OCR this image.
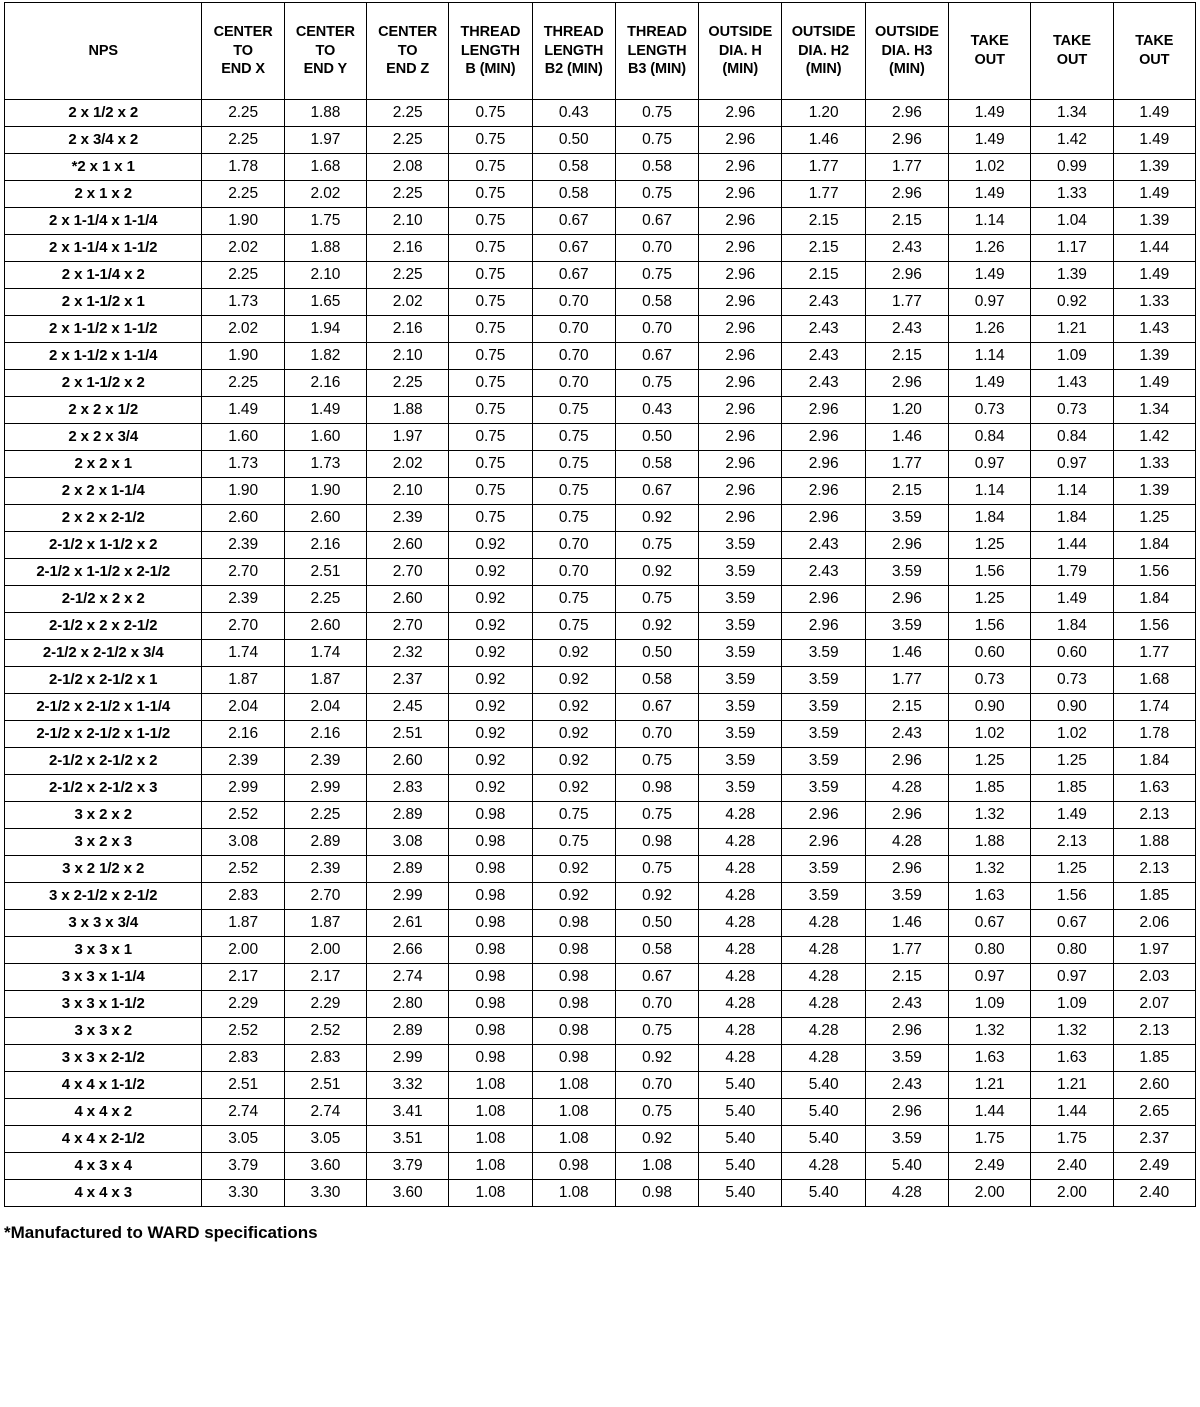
NPS	CENTER
TO
END X	CENTER
TO
END Y	CENTER
TO
END Z	THREAD
LENGTH
B (MIN)	THREAD
LENGTH
B2 (MIN)	THREAD
LENGTH
B3 (MIN)	OUTSIDE
DIA. H
(MIN)	OUTSIDE
DIA. H2
(MIN)	OUTSIDE
DIA. H3
(MIN)	TAKE
OUT	TAKE
OUT	TAKE
OUT

2 x 1/2 x 2	2.25	1.88	2.25	0.75	0.43	0.75	2.96	1.20	2.96	1.49	1.34	1.49
2 x 3/4 x 2	2.25	1.97	2.25	0.75	0.50	0.75	2.96	1.46	2.96	1.49	1.42	1.49
*2 x 1 x 1	1.78	1.68	2.08	0.75	0.58	0.58	2.96	1.77	1.77	1.02	0.99	1.39
2 x 1 x 2	2.25	2.02	2.25	0.75	0.58	0.75	2.96	1.77	2.96	1.49	1.33	1.49
2 x 1-1/4 x 1-1/4	1.90	1.75	2.10	0.75	0.67	0.67	2.96	2.15	2.15	1.14	1.04	1.39
2 x 1-1/4 x 1-1/2	2.02	1.88	2.16	0.75	0.67	0.70	2.96	2.15	2.43	1.26	1.17	1.44
2 x 1-1/4 x 2	2.25	2.10	2.25	0.75	0.67	0.75	2.96	2.15	2.96	1.49	1.39	1.49
2 x 1-1/2 x 1	1.73	1.65	2.02	0.75	0.70	0.58	2.96	2.43	1.77	0.97	0.92	1.33
2 x 1-1/2 x 1-1/2	2.02	1.94	2.16	0.75	0.70	0.70	2.96	2.43	2.43	1.26	1.21	1.43
2 x 1-1/2 x 1-1/4	1.90	1.82	2.10	0.75	0.70	0.67	2.96	2.43	2.15	1.14	1.09	1.39
2 x 1-1/2 x 2	2.25	2.16	2.25	0.75	0.70	0.75	2.96	2.43	2.96	1.49	1.43	1.49
2 x 2 x 1/2	1.49	1.49	1.88	0.75	0.75	0.43	2.96	2.96	1.20	0.73	0.73	1.34
2 x 2 x 3/4	1.60	1.60	1.97	0.75	0.75	0.50	2.96	2.96	1.46	0.84	0.84	1.42
2 x 2 x 1	1.73	1.73	2.02	0.75	0.75	0.58	2.96	2.96	1.77	0.97	0.97	1.33
2 x 2 x 1-1/4	1.90	1.90	2.10	0.75	0.75	0.67	2.96	2.96	2.15	1.14	1.14	1.39
2 x 2 x 2-1/2	2.60	2.60	2.39	0.75	0.75	0.92	2.96	2.96	3.59	1.84	1.84	1.25
2-1/2 x 1-1/2 x 2	2.39	2.16	2.60	0.92	0.70	0.75	3.59	2.43	2.96	1.25	1.44	1.84
2-1/2 x 1-1/2 x 2-1/2	2.70	2.51	2.70	0.92	0.70	0.92	3.59	2.43	3.59	1.56	1.79	1.56
2-1/2 x 2 x 2	2.39	2.25	2.60	0.92	0.75	0.75	3.59	2.96	2.96	1.25	1.49	1.84
2-1/2 x 2 x 2-1/2	2.70	2.60	2.70	0.92	0.75	0.92	3.59	2.96	3.59	1.56	1.84	1.56
2-1/2 x 2-1/2 x 3/4	1.74	1.74	2.32	0.92	0.92	0.50	3.59	3.59	1.46	0.60	0.60	1.77
2-1/2 x 2-1/2 x 1	1.87	1.87	2.37	0.92	0.92	0.58	3.59	3.59	1.77	0.73	0.73	1.68
2-1/2 x 2-1/2 x 1-1/4	2.04	2.04	2.45	0.92	0.92	0.67	3.59	3.59	2.15	0.90	0.90	1.74
2-1/2 x 2-1/2 x 1-1/2	2.16	2.16	2.51	0.92	0.92	0.70	3.59	3.59	2.43	1.02	1.02	1.78
2-1/2 x 2-1/2 x 2	2.39	2.39	2.60	0.92	0.92	0.75	3.59	3.59	2.96	1.25	1.25	1.84
2-1/2 x 2-1/2 x 3	2.99	2.99	2.83	0.92	0.92	0.98	3.59	3.59	4.28	1.85	1.85	1.63
3 x 2 x 2	2.52	2.25	2.89	0.98	0.75	0.75	4.28	2.96	2.96	1.32	1.49	2.13
3 x 2 x 3	3.08	2.89	3.08	0.98	0.75	0.98	4.28	2.96	4.28	1.88	2.13	1.88
3 x 2 1/2 x 2	2.52	2.39	2.89	0.98	0.92	0.75	4.28	3.59	2.96	1.32	1.25	2.13
3 x 2-1/2 x 2-1/2	2.83	2.70	2.99	0.98	0.92	0.92	4.28	3.59	3.59	1.63	1.56	1.85
3 x 3 x 3/4	1.87	1.87	2.61	0.98	0.98	0.50	4.28	4.28	1.46	0.67	0.67	2.06
3 x 3 x 1	2.00	2.00	2.66	0.98	0.98	0.58	4.28	4.28	1.77	0.80	0.80	1.97
3 x 3 x 1-1/4	2.17	2.17	2.74	0.98	0.98	0.67	4.28	4.28	2.15	0.97	0.97	2.03
3 x 3 x 1-1/2	2.29	2.29	2.80	0.98	0.98	0.70	4.28	4.28	2.43	1.09	1.09	2.07
3 x 3 x 2	2.52	2.52	2.89	0.98	0.98	0.75	4.28	4.28	2.96	1.32	1.32	2.13
3 x 3 x 2-1/2	2.83	2.83	2.99	0.98	0.98	0.92	4.28	4.28	3.59	1.63	1.63	1.85
4 x 4 x 1-1/2	2.51	2.51	3.32	1.08	1.08	0.70	5.40	5.40	2.43	1.21	1.21	2.60
4 x 4 x 2	2.74	2.74	3.41	1.08	1.08	0.75	5.40	5.40	2.96	1.44	1.44	2.65
4 x 4 x 2-1/2	3.05	3.05	3.51	1.08	1.08	0.92	5.40	5.40	3.59	1.75	1.75	2.37
4 x 3 x 4	3.79	3.60	3.79	1.08	0.98	1.08	5.40	4.28	5.40	2.49	2.40	2.49
4 x 4 x 3	3.30	3.30	3.60	1.08	1.08	0.98	5.40	5.40	4.28	2.00	2.00	2.40
*Manufactured to WARD specifications
